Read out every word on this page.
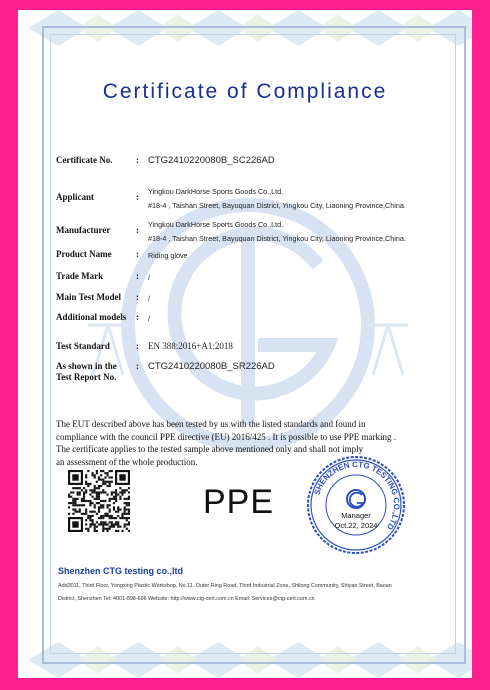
Certificate of Compliance
Certificate No.	: CTG2410220080B_SC226AD
Applicant	:
Yingkou DarkHorse Sports Goods Co.,Ltd.
#18-4 , Taishan Street, Bayuquan District, Yingkou City, Liaoning Province,China.
Manufacturer	:
Yingkou DarkHorse Sports Goods Co.,Ltd.
#18-4 , Taishan Street, Bayuquan District, Yingkou City, Liaoning Province,China.
Product Name	: Riding glove
Trade Mark	: /
Main Test Model	: /
Additional models	: /
Test Standard	: EN 388:2016+A1:2018
As shown in the Test Report No.
: CTG2410220080B_SR226AD
The EUT described above has been tested by us with the listed standards and found in
compliance with the council PPE directive (EU) 2016/425 . It is possible to use PPE marking .
The certificate applies to the tested sample above mentioned only and shall not imply
an assessment of the whole production.
PPE	SHENZHEN CTG TESTING CO.,LTD
Manager
Oct.22, 2024
Shenzhen CTG testing co.,ltd
Add3011, Third Floor, Yongxing Plastic Workshop, No.11, Outer Ring Road, Third Industrial Zone, Shilong Community, Shiyan Street, Baoan
District, Shenzhen Tel: 4001-898-696 Website: http://www.ctg-cert.com.cn Email: Services@ctg-cert.com.cn
